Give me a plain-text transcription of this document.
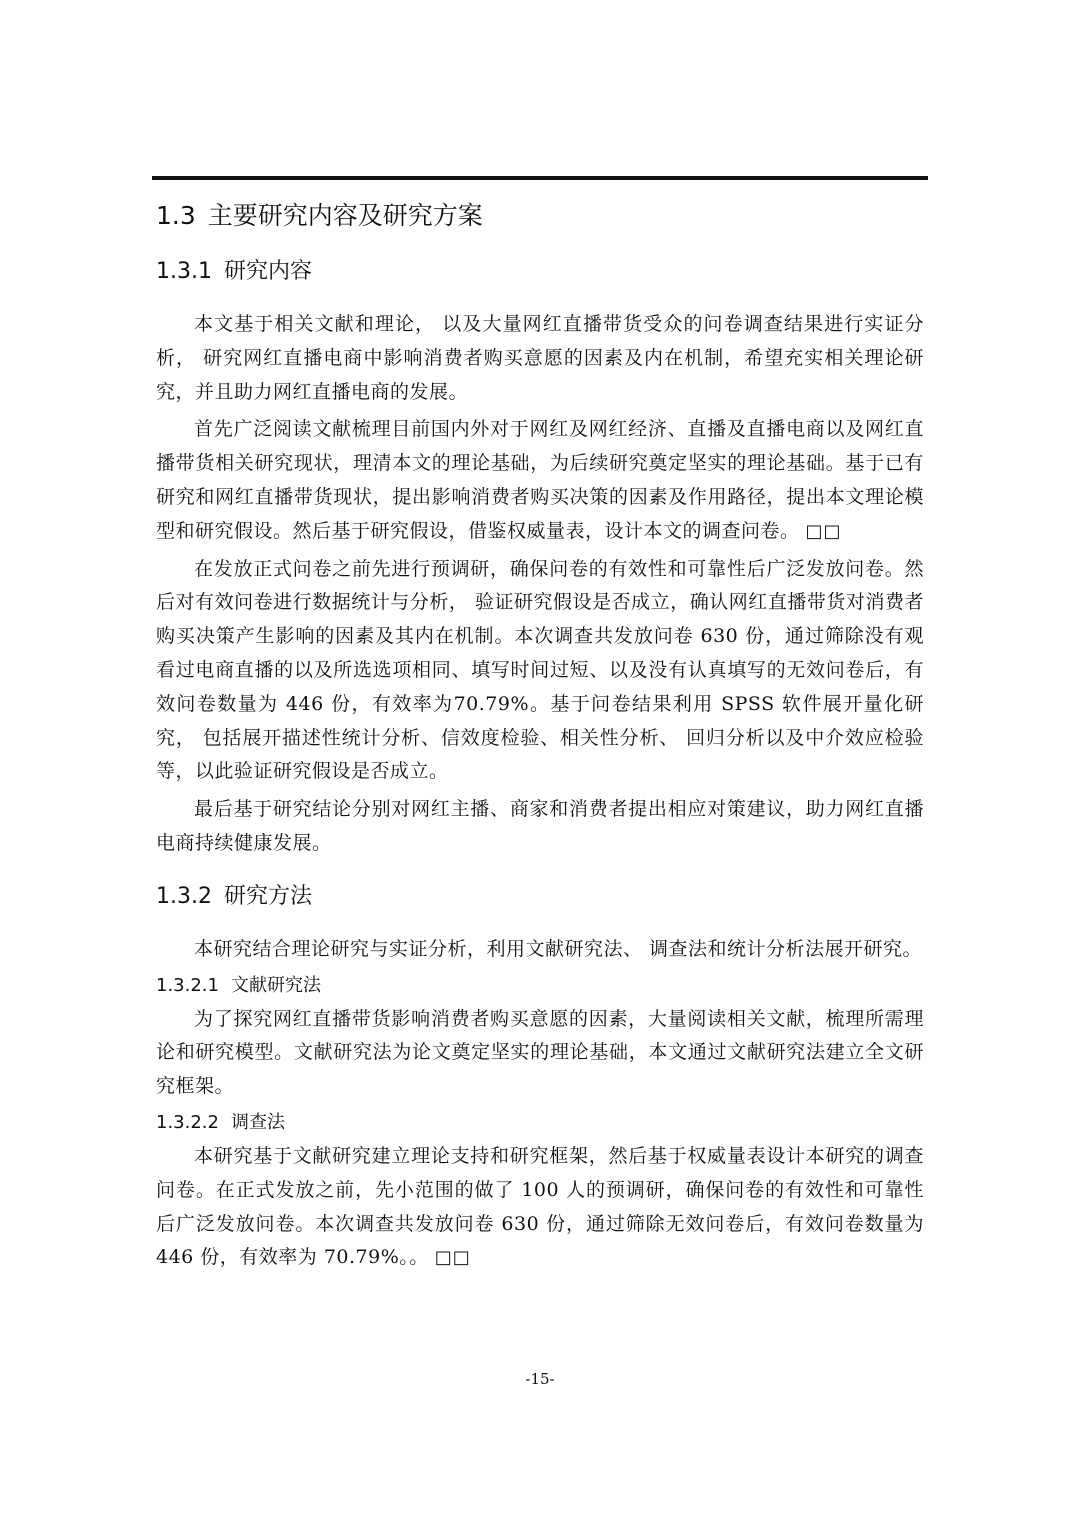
1.3 主要研究内容及研究方案
1.3.1 研究内容

本文基于相关文献和理论， 以及大量网红直播带货受众的问卷调查结果进行实证分析， 研究网红直播电商中影响消费者购买意愿的因素及内在机制，希望充实相关理论研究，并且助力网红直播电商的发展。

首先广泛阅读文献梳理目前国内外对于网红及网红经济、直播及直播电商以及网红直播带货相关研究现状，理清本文的理论基础，为后续研究奠定坚实的理论基础。基于已有研究和网红直播带货现状，提出影响消费者购买决策的因素及作用路径，提出本文理论模型和研究假设。然后基于研究假设，借鉴权威量表，设计本文的调查问卷。 □□

在发放正式问卷之前先进行预调研，确保问卷的有效性和可靠性后广泛发放问卷。然后对有效问卷进行数据统计与分析， 验证研究假设是否成立，确认网红直播带货对消费者购买决策产生影响的因素及其内在机制。本次调查共发放问卷 630 份，通过筛除没有观看过电商直播的以及所选选项相同、填写时间过短、以及没有认真填写的无效问卷后，有效问卷数量为 446 份，有效率为70.79%。基于问卷结果利用 SPSS 软件展开量化研究， 包括展开描述性统计分析、信效度检验、相关性分析、 回归分析以及中介效应检验等，以此验证研究假设是否成立。

最后基于研究结论分别对网红主播、商家和消费者提出相应对策建议，助力网红直播电商持续健康发展。

1.3.2 研究方法

本研究结合理论研究与实证分析，利用文献研究法、 调查法和统计分析法展开研究。

1.3.2.1 文献研究法

为了探究网红直播带货影响消费者购买意愿的因素，大量阅读相关文献，梳理所需理论和研究模型。文献研究法为论文奠定坚实的理论基础，本文通过文献研究法建立全文研究框架。

1.3.2.2 调查法

本研究基于文献研究建立理论支持和研究框架，然后基于权威量表设计本研究的调查问卷。在正式发放之前，先小范围的做了 100 人的预调研，确保问卷的有效性和可靠性后广泛发放问卷。本次调查共发放问卷 630 份，通过筛除无效问卷后，有效问卷数量为 446 份，有效率为 70.79%。。 □□

-15-
